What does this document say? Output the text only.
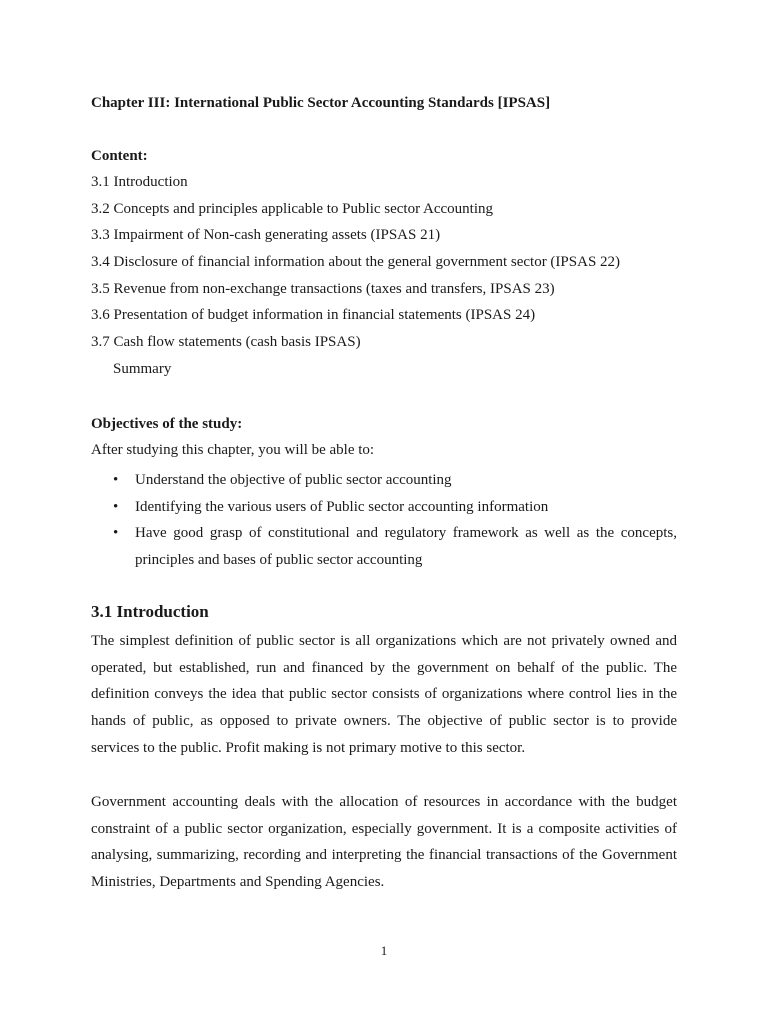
Chapter III: International Public Sector Accounting Standards [IPSAS]
Content:
3.1 Introduction
3.2 Concepts and principles applicable to Public sector Accounting
3.3 Impairment of Non-cash generating assets (IPSAS 21)
3.4 Disclosure of financial information about the general government sector (IPSAS 22)
3.5 Revenue from non-exchange transactions (taxes and transfers, IPSAS 23)
3.6 Presentation of budget information in financial statements (IPSAS 24)
3.7 Cash flow statements (cash basis IPSAS)
Summary
Objectives of the study:
After studying this chapter, you will be able to:
• Understand the objective of public sector accounting
• Identifying the various users of Public sector accounting information
• Have good grasp of constitutional and regulatory framework as well as the concepts, principles and bases of public sector accounting
3.1 Introduction

The simplest definition of public sector is all organizations which are not privately owned and operated, but established, run and financed by the government on behalf of the public. The definition conveys the idea that public sector consists of organizations where control lies in the hands of public, as opposed to private owners. The objective of public sector is to provide services to the public. Profit making is not primary motive to this sector.

Government accounting deals with the allocation of resources in accordance with the budget constraint of a public sector organization, especially government. It is a composite activities of analysing, summarizing, recording and interpreting the financial transactions of the Government Ministries, Departments and Spending Agencies.

1
